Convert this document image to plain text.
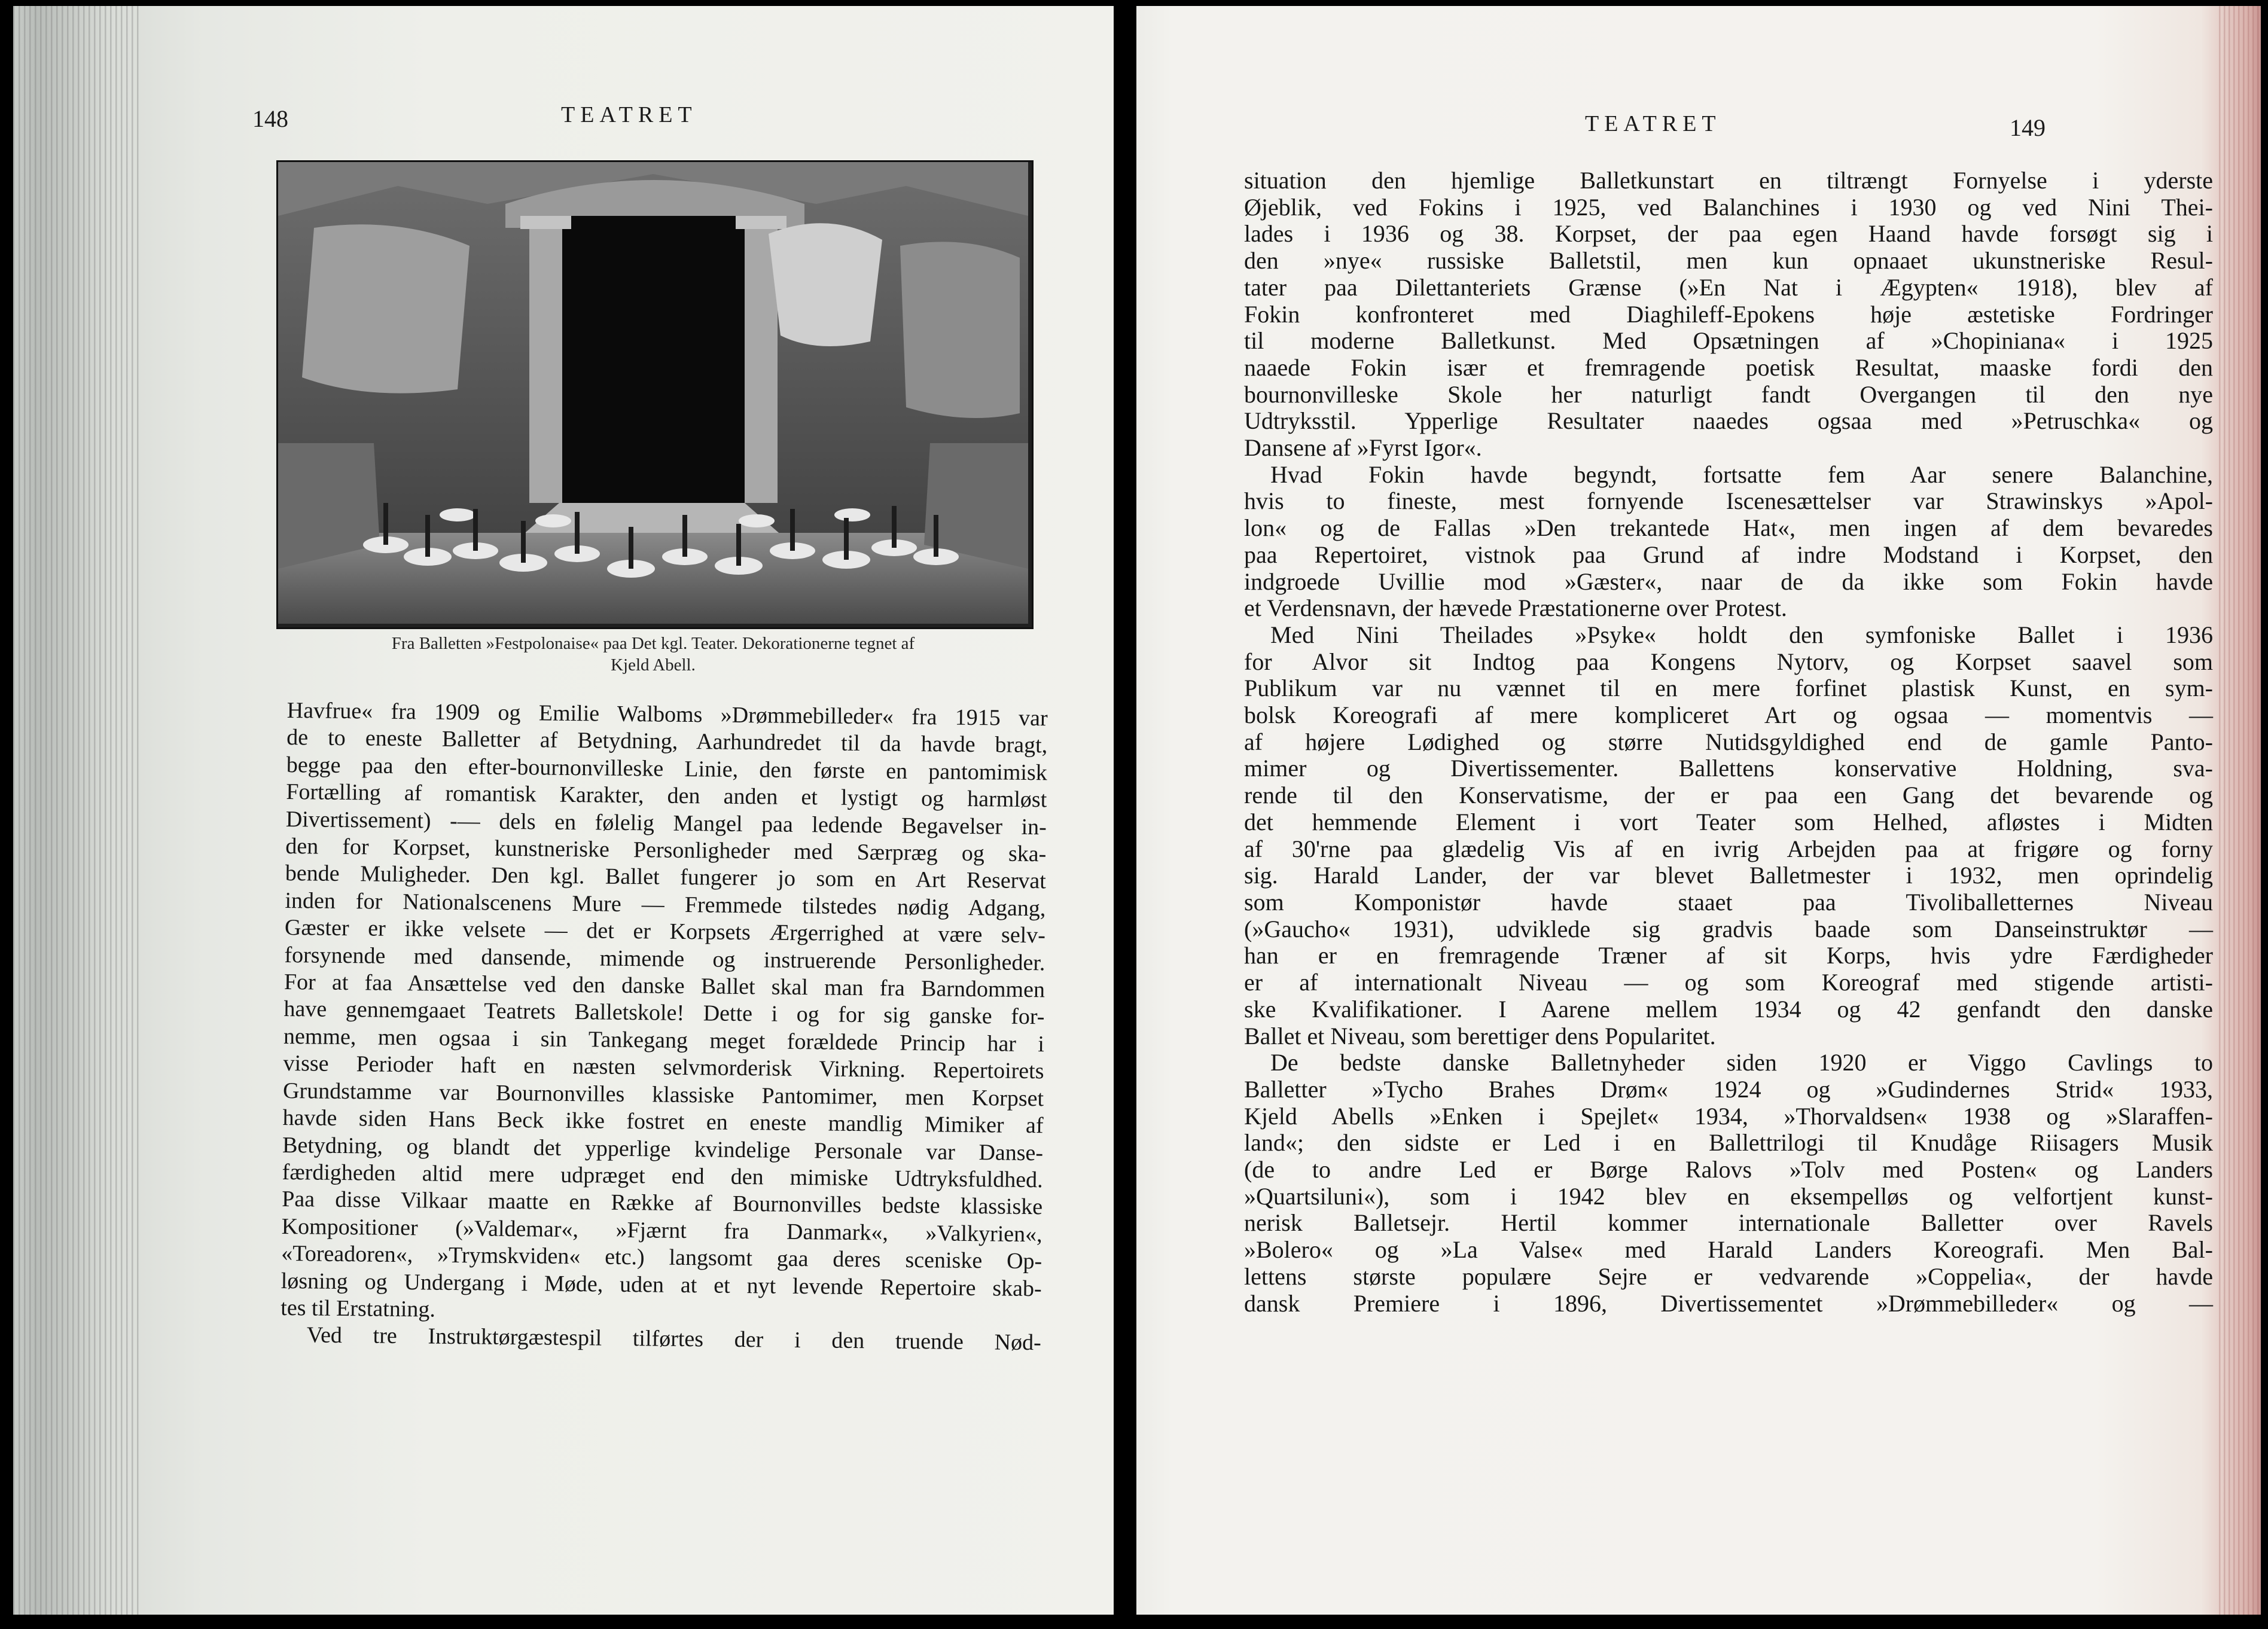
148	TEATRET
Fra Balletten »Festpolonaise« paa Det kgl. Teater. Dekorationerne tegnet af
Kjeld Abell.
Havfrue« fra 1909 og Emilie Walboms »Drømmebilleder« fra 1915 var
de to eneste Balletter af Betydning, Aarhundredet til da havde bragt,
begge paa den efter-bournonvilleske Linie, den første en pantomimisk
Fortælling af romantisk Karakter, den anden et lystigt og harmløst
Divertissement) -— dels en følelig Mangel paa ledende Begavelser in-
den for Korpset, kunstneriske Personligheder med Særpræg og ska-
bende Muligheder. Den kgl. Ballet fungerer jo som en Art Reservat
inden for Nationalscenens Mure — Fremmede tilstedes nødig Adgang,
Gæster er ikke velsete — det er Korpsets Ærgerrighed at være selv-
forsynende med dansende, mimende og instruerende Personligheder.
For at faa Ansættelse ved den danske Ballet skal man fra Barndommen
have gennemgaaet Teatrets Balletskole! Dette i og for sig ganske for-
nemme, men ogsaa i sin Tankegang meget forældede Princip har i
visse Perioder haft en næsten selvmorderisk Virkning. Repertoirets
Grundstamme var Bournonvilles klassiske Pantomimer, men Korpset
havde siden Hans Beck ikke fostret en eneste mandlig Mimiker af
Betydning, og blandt det ypperlige kvindelige Personale var Danse-
færdigheden altid mere udpræget end den mimiske Udtryksfuldhed.
Paa disse Vilkaar maatte en Række af Bournonvilles bedste klassiske
Kompositioner (»Valdemar«, »Fjærnt fra Danmark«, »Valkyrien«,
«Toreadoren«, »Trymskviden« etc.) langsomt gaa deres sceniske Op-
løsning og Undergang i Møde, uden at et nyt levende Repertoire skab-
tes til Erstatning.
Ved tre Instruktørgæstespil tilførtes der i den truende Nød-
TEATRET	149
situation den hjemlige Balletkunstart en tiltrængt Fornyelse i yderste
Øjeblik, ved Fokins i 1925, ved Balanchines i 1930 og ved Nini Thei-
lades i 1936 og 38. Korpset, der paa egen Haand havde forsøgt sig i
den »nye« russiske Balletstil, men kun opnaaet ukunstneriske Resul-
tater paa Dilettanteriets Grænse (»En Nat i Ægypten« 1918), blev af
Fokin konfronteret med Diaghileff-Epokens høje æstetiske Fordringer
til moderne Balletkunst. Med Opsætningen af »Chopiniana« i 1925
naaede Fokin især et fremragende poetisk Resultat, maaske fordi den
bournonvilleske Skole her naturligt fandt Overgangen til den nye
Udtryksstil. Ypperlige Resultater naaedes ogsaa med »Petruschka« og
Dansene af »Fyrst Igor«.
Hvad Fokin havde begyndt, fortsatte fem Aar senere Balanchine,
hvis to fineste, mest fornyende Iscenesættelser var Strawinskys »Apol-
lon« og de Fallas »Den trekantede Hat«, men ingen af dem bevaredes
paa Repertoiret, vistnok paa Grund af indre Modstand i Korpset, den
indgroede Uvillie mod »Gæster«, naar de da ikke som Fokin havde
et Verdensnavn, der hævede Præstationerne over Protest.
Med Nini Theilades »Psyke« holdt den symfoniske Ballet i 1936
for Alvor sit Indtog paa Kongens Nytorv, og Korpset saavel som
Publikum var nu vænnet til en mere forfinet plastisk Kunst, en sym-
bolsk Koreografi af mere kompliceret Art og ogsaa — momentvis —
af højere Lødighed og større Nutidsgyldighed end de gamle Panto-
mimer og Divertissementer. Ballettens konservative Holdning, sva-
rende til den Konservatisme, der er paa een Gang det bevarende og
det hemmende Element i vort Teater som Helhed, afløstes i Midten
af 30'rne paa glædelig Vis af en ivrig Arbejden paa at frigøre og forny
sig. Harald Lander, der var blevet Balletmester i 1932, men oprindelig
som Komponistør havde staaet paa Tivoliballetternes Niveau
(»Gaucho« 1931), udviklede sig gradvis baade som Danseinstruktør —
han er en fremragende Træner af sit Korps, hvis ydre Færdigheder
er af internationalt Niveau — og som Koreograf med stigende artisti-
ske Kvalifikationer. I Aarene mellem 1934 og 42 genfandt den danske
Ballet et Niveau, som berettiger dens Popularitet.
De bedste danske Balletnyheder siden 1920 er Viggo Cavlings to
Balletter »Tycho Brahes Drøm« 1924 og »Gudindernes Strid« 1933,
Kjeld Abells »Enken i Spejlet« 1934, »Thorvaldsen« 1938 og »Slaraffen-
land«; den sidste er Led i en Ballettrilogi til Knudåge Riisagers Musik
(de to andre Led er Børge Ralovs »Tolv med Posten« og Landers
»Quartsiluni«), som i 1942 blev en eksempelløs og velfortjent kunst-
nerisk Balletsejr. Hertil kommer internationale Balletter over Ravels
»Bolero« og »La Valse« med Harald Landers Koreografi. Men Bal-
lettens største populære Sejre er vedvarende »Coppelia«, der havde
dansk Premiere i 1896, Divertissementet »Drømmebilleder« og —
